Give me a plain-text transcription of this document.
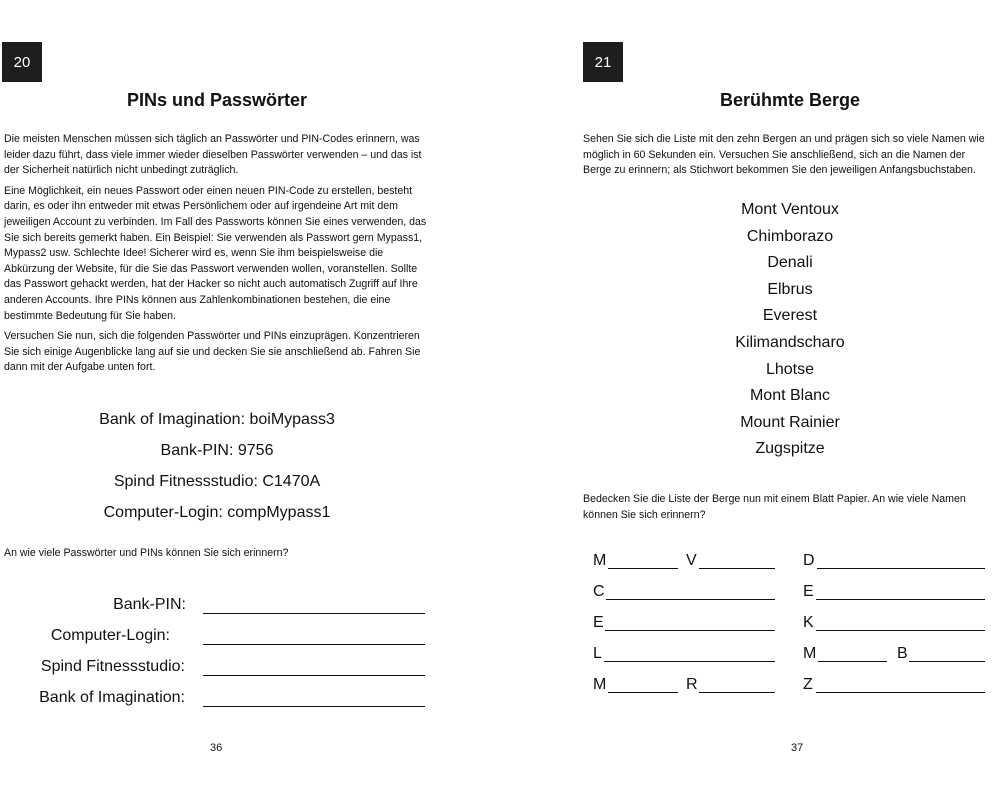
20
PINs und Passwörter

Die meisten Menschen müssen sich täglich an Passwörter und PIN-Codes erinnern, was leider dazu führt, dass viele immer wieder dieselben Passwörter verwenden – und das ist der Sicherheit natürlich nicht unbedingt zuträglich.

Eine Möglichkeit, ein neues Passwort oder einen neuen PIN-Code zu erstellen, besteht darin, es oder ihn entweder mit etwas Persönlichem oder auf irgendeine Art mit dem jeweiligen Account zu verbinden. Im Fall des Passworts können Sie eines verwenden, das Sie sich bereits gemerkt haben. Ein Beispiel: Sie verwenden als Passwort gern Mypass1, Mypass2 usw. Schlechte Idee! Sicherer wird es, wenn Sie ihm beispielsweise die Abkürzung der Website, für die Sie das Passwort verwenden wollen, voranstellen. Sollte das Passwort gehackt werden, hat der Hacker so nicht auch automatisch Zugriff auf Ihre anderen Accounts. Ihre PINs können aus Zahlenkombinationen bestehen, die eine bestimmte Bedeutung für Sie haben.

Versuchen Sie nun, sich die folgenden Passwörter und PINs einzuprägen. Konzentrieren Sie sich einige Augenblicke lang auf sie und decken Sie sie anschließend ab. Fahren Sie dann mit der Aufgabe unten fort.

Bank of Imagination: boiMypass3
Bank-PIN: 9756
Spind Fitnessstudio: C1470A
Computer-Login: compMypass1
An wie viele Passwörter und PINs können Sie sich erinnern?
Bank-PIN:
Computer-Login:
Spind Fitnessstudio:
Bank of Imagination:
36
21
Berühmte Berge
Sehen Sie sich die Liste mit den zehn Bergen an und prägen sich so viele Namen wie möglich in 60 Sekunden ein. Versuchen Sie anschließend, sich an die Namen der Berge zu erinnern; als Stichwort bekommen Sie den jeweiligen Anfangsbuchstaben.
Mont Ventoux
Chimborazo
Denali
Elbrus
Everest
Kilimandscharo
Lhotse
Mont Blanc
Mount Rainier
Zugspitze
Bedecken Sie die Liste der Berge nun mit einem Blatt Papier. An wie viele Namen können Sie sich erinnern?
M	V	D
C	E
E	K
L	M	B
M	R	Z
37
